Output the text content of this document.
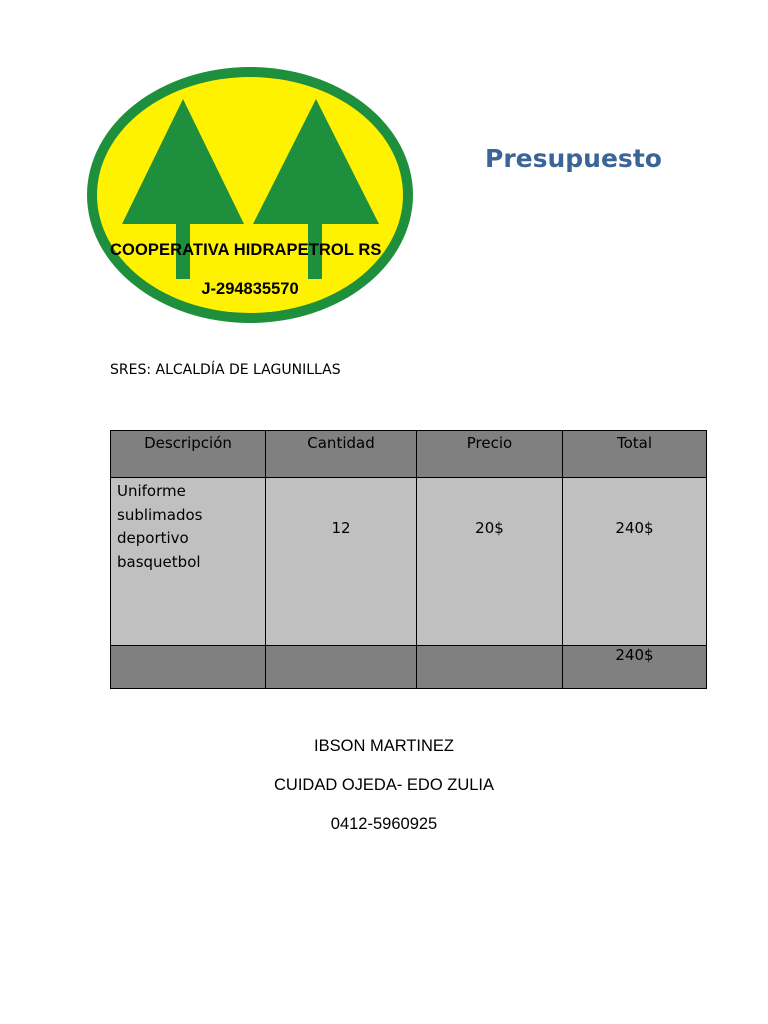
COOPERATIVA HIDRAPETROL RS
J-294835570
Presupuesto
SRES: ALCALDÍA DE LAGUNILLAS
Descripción	Cantidad	Precio	Total

Uniforme
sublimados
deportivo
basquetbol	12	20$	240$
			240$
IBSON MARTINEZ
CUIDAD OJEDA- EDO ZULIA
0412-5960925
